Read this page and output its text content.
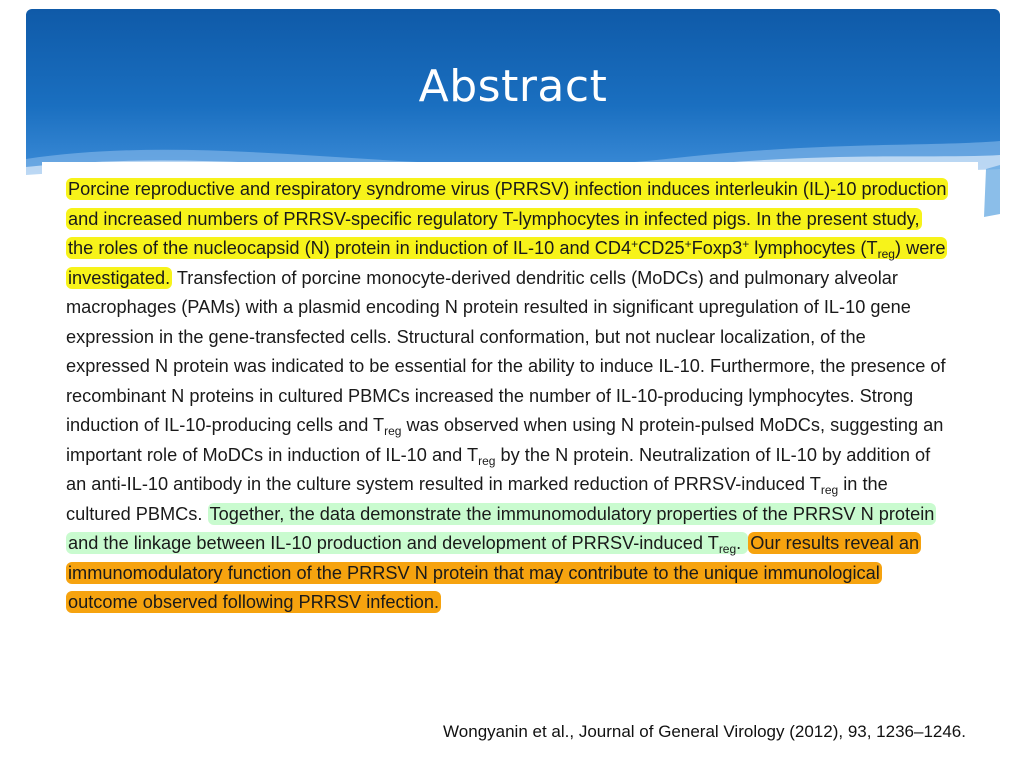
Abstract

Porcine reproductive and respiratory syndrome virus (PRRSV) infection induces interleukin (IL)-10 production and increased numbers of PRRSV-specific regulatory T-lymphocytes in infected pigs. In the present study, the roles of the nucleocapsid (N) protein in induction of IL-10 and CD4+CD25+Foxp3+ lymphocytes $(T_{reg})$ were investigated. Transfection of porcine monocyte-derived dendritic cells (MoDCs) and pulmonary alveolar macrophages (PAMs) with a plasmid encoding N protein resulted in significant upregulation of IL-10 gene expression in the gene-transfected cells. Structural conformation, but not nuclear localization, of the expressed N protein was indicated to be essential for the ability to induce IL-10. Furthermore, the presence of recombinant N proteins in cultured PBMCs increased the number of IL-10-producing lymphocytes. Strong induction of IL-10-producing cells and $T_{reg}$ was observed when using N protein-pulsed MoDCs, suggesting an important role of MoDCs in induction of IL-10 and $T_{reg}$ by the N protein. Neutralization of IL-10 by addition of an anti-IL-10 antibody in the culture system resulted in marked reduction of PRRSV-induced $T_{reg}$ in the cultured PBMCs. Together, the data demonstrate the immunomodulatory properties of the PRRSV N protein and the linkage between IL-10 production and development of PRRSV-induced $T_{reg}$. Our results reveal an immunomodulatory function of the PRRSV N protein that may contribute to the unique immunological outcome observed following PRRSV infection.

Wongyanin et al., Journal of General Virology (2012), 93, 1236–1246.
